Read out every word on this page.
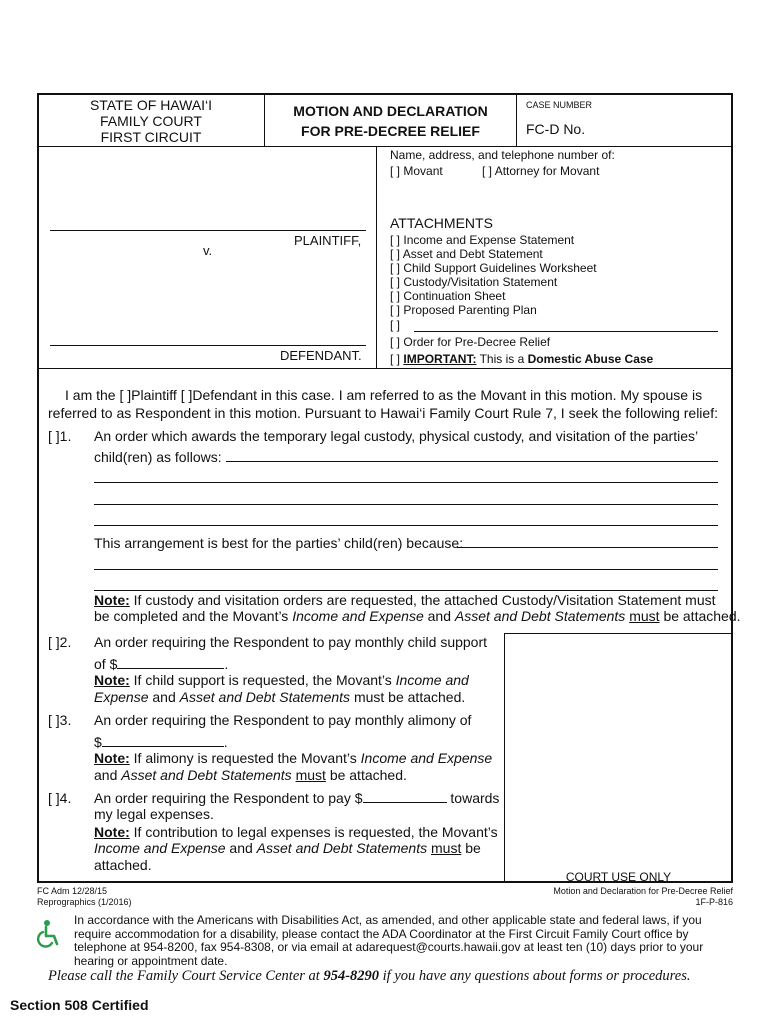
STATE OF HAWAI‘I
FAMILY COURT
FIRST CIRCUIT
MOTION AND DECLARATION
FOR PRE-DECREE RELIEF
CASE NUMBER
FC-D No.
PLAINTIFF,
v.
DEFENDANT.
Name, address, and telephone number of:
[ ] Movant	[ ] Attorney for Movant
ATTACHMENTS
[ ] Income and Expense Statement
[ ] Asset and Debt Statement
[ ] Child Support Guidelines Worksheet
[ ] Custody/Visitation Statement
[ ] Continuation Sheet
[ ] Proposed Parenting Plan
[ ]
[ ] Order for Pre-Decree Relief
[ ] IMPORTANT: This is a Domestic Abuse Case
I am the [ ]Plaintiff [ ]Defendant in this case. I am referred to as the Movant in this motion. My spouse is
referred to as Respondent in this motion. Pursuant to Hawai‘i Family Court Rule 7, I seek the following relief:
[ ]1. An order which awards the temporary legal custody, physical custody, and visitation of the parties’
child(ren) as follows:
This arrangement is best for the parties’ child(ren) because:
Note: If custody and visitation orders are requested, the attached Custody/Visitation Statement must
be completed and the Movant’s Income and Expense and Asset and Debt Statements must be attached.
COURT USE ONLY
[ ]2. An order requiring the Respondent to pay monthly child support
of $	.
Note: If child support is requested, the Movant’s Income and
Expense and Asset and Debt Statements must be attached.
[ ]3. An order requiring the Respondent to pay monthly alimony of
$	.
Note: If alimony is requested the Movant’s Income and Expense
and Asset and Debt Statements must be attached.
[ ]4. An order requiring the Respondent to pay $	towards
my legal expenses.
Note: If contribution to legal expenses is requested, the Movant’s
Income and Expense and Asset and Debt Statements must be
attached.
FC Adm 12/28/15
Reprographics (1/2016)
Motion and Declaration for Pre-Decree Relief
1F-P-816
In accordance with the Americans with Disabilities Act, as amended, and other applicable state and federal laws, if you
require accommodation for a disability, please contact the ADA Coordinator at the First Circuit Family Court office by
telephone at 954-8200, fax 954-8308, or via email at adarequest@courts.hawaii.gov at least ten (10) days prior to your
hearing or appointment date.
Please call the Family Court Service Center at 954-8290 if you have any questions about forms or procedures.
Section 508 Certified
